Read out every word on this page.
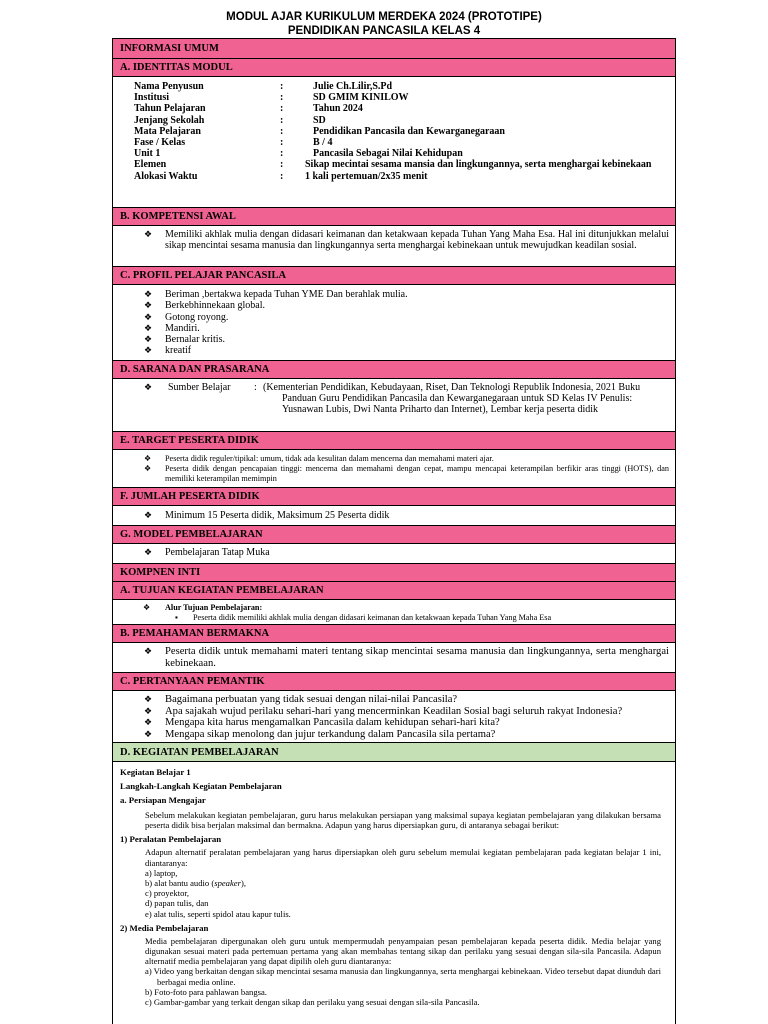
MODUL AJAR KURIKULUM MERDEKA 2024 (PROTOTIPE)
PENDIDIKAN PANCASILA KELAS 4
INFORMASI UMUM
A. IDENTITAS MODUL
Nama Penyusun	:	Julie Ch.Lilir,S.Pd
Institusi	:	SD GMIM KINILOW
Tahun Pelajaran	:	Tahun 2024
Jenjang Sekolah	:	SD
Mata Pelajaran	:	Pendidikan Pancasila dan Kewarganegaraan
Fase / Kelas	:	B / 4
Unit 1	:	Pancasila Sebagai Nilai Kehidupan
Elemen	:	Sikap mecintai sesama mansia dan lingkungannya, serta menghargai kebinekaan
Alokasi Waktu	:	1 kali pertemuan/2x35 menit
B. KOMPETENSI AWAL
❖ Memiliki akhlak mulia dengan didasari keimanan dan ketakwaan kepada Tuhan Yang Maha Esa. Hal ini ditunjukkan melalui sikap mencintai sesama manusia dan lingkungannya serta menghargai kebinekaan untuk mewujudkan keadilan sosial.
C. PROFIL PELAJAR PANCASILA
❖ Beriman ,bertakwa kepada Tuhan YME Dan berahlak mulia.
❖ Berkebhinnekaan global.
❖ Gotong royong.
❖ Mandiri.
❖ Bernalar kritis.
❖ kreatif
D. SARANA DAN PRASARANA
❖ Sumber Belajar : (Kementerian Pendidikan, Kebudayaan, Riset, Dan Teknologi Republik Indonesia, 2021 Buku Panduan Guru Pendidikan Pancasila dan Kewarganegaraan untuk SD Kelas IV Penulis: Yusnawan Lubis, Dwi Nanta Priharto dan Internet), Lembar kerja peserta didik
E. TARGET PESERTA DIDIK
❖ Peserta didik reguler/tipikal: umum, tidak ada kesulitan dalam mencerna dan memahami materi ajar.
❖ Peserta didik dengan pencapaian tinggi: mencerna dan memahami dengan cepat, mampu mencapai keterampilan berfikir aras tinggi (HOTS), dan memiliki keterampilan memimpin
F. JUMLAH PESERTA DIDIK
❖ Minimum 15 Peserta didik, Maksimum 25 Peserta didik
G. MODEL PEMBELAJARAN
❖ Pembelajaran Tatap Muka
KOMPNEN INTI
A. TUJUAN KEGIATAN PEMBELAJARAN
❖	Alur Tujuan Pembelajaran:
▪ Peserta didik memiliki akhlak mulia dengan didasari keimanan dan ketakwaan kepada Tuhan Yang Maha Esa
B. PEMAHAMAN BERMAKNA
❖ Peserta didik untuk memahami materi tentang sikap mencintai sesama manusia dan lingkungannya, serta menghargai kebinekaan.
C. PERTANYAAN PEMANTIK
❖ Bagaimana perbuatan yang tidak sesuai dengan nilai-nilai Pancasila?
❖ Apa sajakah wujud perilaku sehari-hari yang mencerminkan Keadilan Sosial bagi seluruh rakyat Indonesia?
❖ Mengapa kita harus mengamalkan Pancasila dalam kehidupan sehari-hari kita?
❖ Mengapa sikap menolong dan jujur terkandung dalam Pancasila sila pertama?
D. KEGIATAN PEMBELAJARAN
Kegiatan Belajar 1
Langkah-Langkah Kegiatan Pembelajaran
a. Persiapan Mengajar
Sebelum melakukan kegiatan pembelajaran, guru harus melakukan persiapan yang maksimal supaya kegiatan pembelajaran yang dilakukan bersama peserta didik bisa berjalan maksimal dan bermakna. Adapun yang harus dipersiapkan guru, di antaranya sebagai berikut:
1) Peralatan Pembelajaran
Adapun alternatif peralatan pembelajaran yang harus dipersiapkan oleh guru sebelum memulai kegiatan pembelajaran pada kegiatan belajar 1 ini, diantaranya:
a) laptop,
b) alat bantu audio (speaker),
c) proyektor,
d) papan tulis, dan
e) alat tulis, seperti spidol atau kapur tulis.
2) Media Pembelajaran
Media pembelajaran dipergunakan oleh guru untuk mempermudah penyampaian pesan pembelajaran kepada peserta didik. Media belajar yang digunakan sesuai materi pada pertemuan pertama yang akan membahas tentang sikap dan perilaku yang sesuai dengan sila-sila Pancasila. Adapun alternatif media pembelajaran yang dapat dipilih oleh guru diantaranya:
a) Video yang berkaitan dengan sikap mencintai sesama manusia dan lingkungannya, serta menghargai kebinekaan. Video tersebut dapat diunduh dari berbagai media online.
b) Foto-foto para pahlawan bangsa.
c) Gambar-gambar yang terkait dengan sikap dan perilaku yang sesuai dengan sila-sila Pancasila.
